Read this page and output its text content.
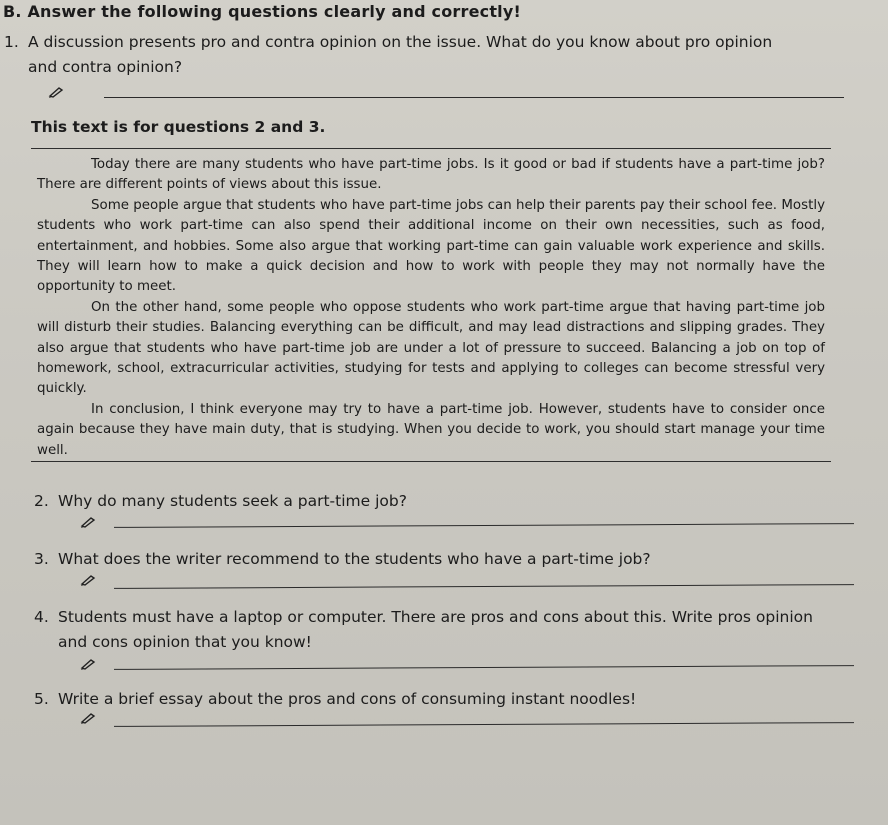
B. Answer the following questions clearly and correctly!
1. A discussion presents pro and contra opinion on the issue. What do you know about pro opinion
and contra opinion?
This text is for questions 2 and 3.

Today there are many students who have part-time jobs. Is it good or bad if students have a part-time job? There are different points of views about this issue.

Some people argue that students who have part-time jobs can help their parents pay their school fee. Mostly students who work part-time can also spend their additional income on their own necessities, such as food, entertainment, and hobbies. Some also argue that working part-time can gain valuable work experience and skills. They will learn how to make a quick decision and how to work with people they may not normally have the opportunity to meet.

On the other hand, some people who oppose students who work part-time argue that having part-time job will disturb their studies. Balancing everything can be difficult, and may lead distractions and slipping grades. They also argue that students who have part-time job are under a lot of pressure to succeed. Balancing a job on top of homework, school, extracurricular activities, studying for tests and applying to colleges can become stressful very quickly.

In conclusion, I think everyone may try to have a part-time job. However, students have to consider once again because they have main duty, that is studying. When you decide to work, you should start manage your time well.

2. Why do many students seek a part-time job?
3. What does the writer recommend to the students who have a part-time job?
4. Students must have a laptop or computer. There are pros and cons about this. Write pros opinion
and cons opinion that you know!
5. Write a brief essay about the pros and cons of consuming instant noodles!
